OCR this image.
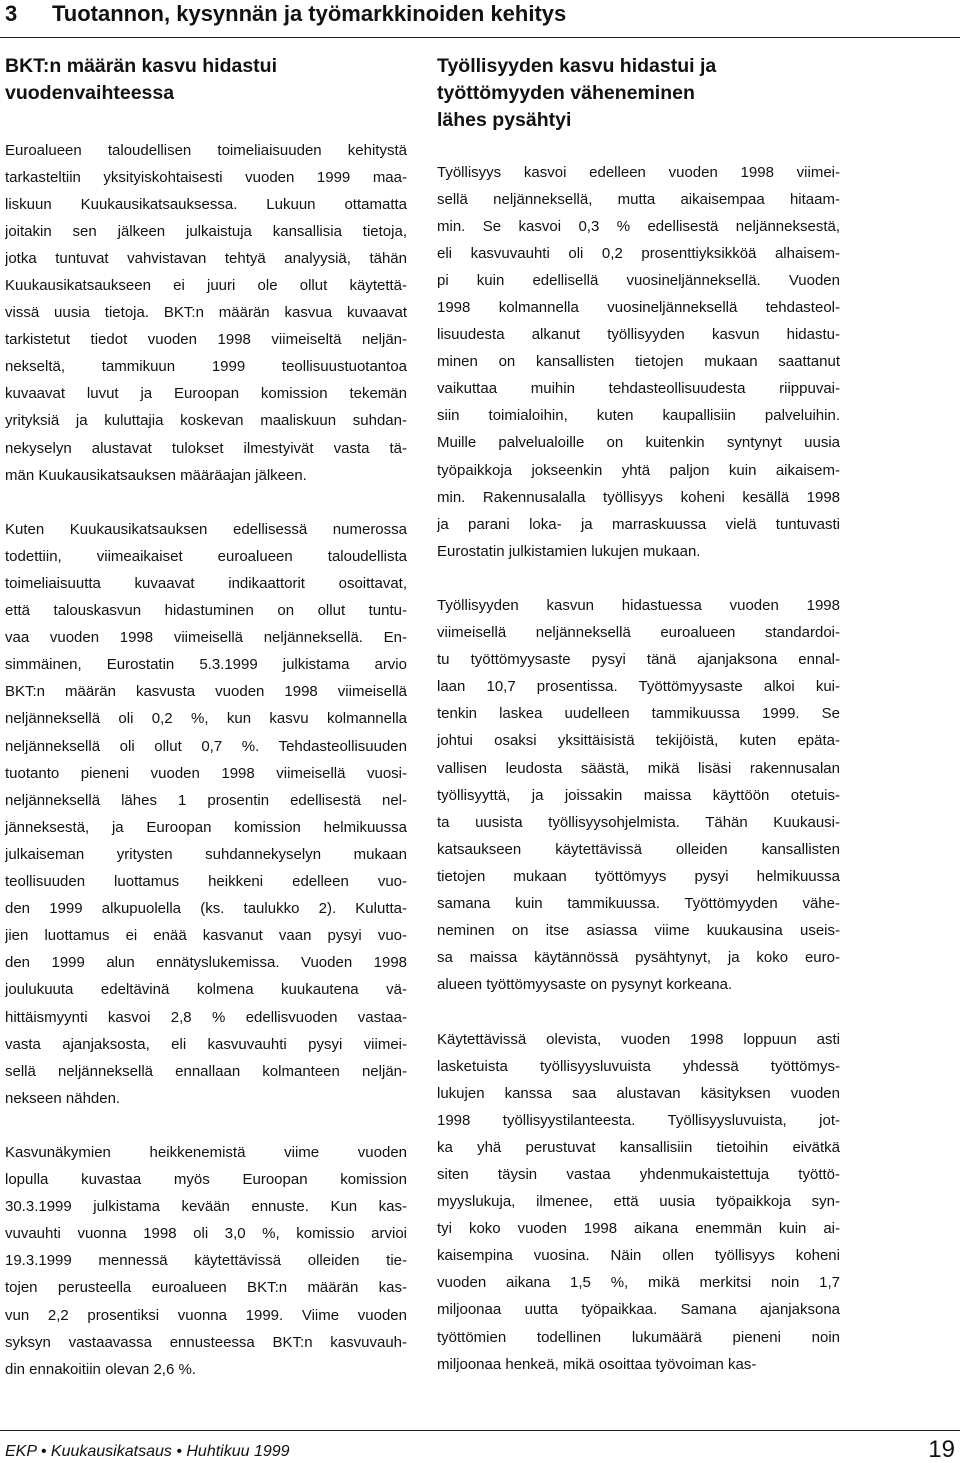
3 Tuotannon, kysynnän ja työmarkkinoiden kehitys
BKT:n määrän kasvu hidastui
vuodenvaihteessa
Euroalueen taloudellisen toimeliaisuuden kehitystä
tarkasteltiin yksityiskohtaisesti vuoden 1999 maa-
liskuun Kuukausikatsauksessa. Lukuun ottamatta
joitakin sen jälkeen julkaistuja kansallisia tietoja,
jotka tuntuvat vahvistavan tehtyä analyysiä, tähän
Kuukausikatsaukseen ei juuri ole ollut käytettä-
vissä uusia tietoja. BKT:n määrän kasvua kuvaavat
tarkistetut tiedot vuoden 1998 viimeiseltä neljän-
nekseltä, tammikuun 1999 teollisuustuotantoa
kuvaavat luvut ja Euroopan komission tekemän
yrityksiä ja kuluttajia koskevan maaliskuun suhdan-
nekyselyn alustavat tulokset ilmestyivät vasta tä-
män Kuukausikatsauksen määräajan jälkeen.
Kuten Kuukausikatsauksen edellisessä numerossa
todettiin, viimeaikaiset euroalueen taloudellista
toimeliaisuutta kuvaavat indikaattorit osoittavat,
että talouskasvun hidastuminen on ollut tuntu-
vaa vuoden 1998 viimeisellä neljänneksellä. En-
simmäinen, Eurostatin 5.3.1999 julkistama arvio
BKT:n määrän kasvusta vuoden 1998 viimeisellä
neljänneksellä oli 0,2 %, kun kasvu kolmannella
neljänneksellä oli ollut 0,7 %. Tehdasteollisuuden
tuotanto pieneni vuoden 1998 viimeisellä vuosi-
neljänneksellä lähes 1 prosentin edellisestä nel-
jänneksestä, ja Euroopan komission helmikuussa
julkaiseman yritysten suhdannekyselyn mukaan
teollisuuden luottamus heikkeni edelleen vuo-
den 1999 alkupuolella (ks. taulukko 2). Kulutta-
jien luottamus ei enää kasvanut vaan pysyi vuo-
den 1999 alun ennätyslukemissa. Vuoden 1998
joulukuuta edeltävinä kolmena kuukautena vä-
hittäismyynti kasvoi 2,8 % edellisvuoden vastaa-
vasta ajanjaksosta, eli kasvuvauhti pysyi viimei-
sellä neljänneksellä ennallaan kolmanteen neljän-
nekseen nähden.
Kasvunäkymien heikkenemistä viime vuoden
lopulla kuvastaa myös Euroopan komission
30.3.1999 julkistama kevään ennuste. Kun kas-
vuvauhti vuonna 1998 oli 3,0 %, komissio arvioi
19.3.1999 mennessä käytettävissä olleiden tie-
tojen perusteella euroalueen BKT:n määrän kas-
vun 2,2 prosentiksi vuonna 1999. Viime vuoden
syksyn vastaavassa ennusteessa BKT:n kasvuvauh-
din ennakoitiin olevan 2,6 %.
Työllisyyden kasvu hidastui ja
työttömyyden väheneminen
lähes pysähtyi
Työllisyys kasvoi edelleen vuoden 1998 viimei-
sellä neljänneksellä, mutta aikaisempaa hitaam-
min. Se kasvoi 0,3 % edellisestä neljänneksestä,
eli kasvuvauhti oli 0,2 prosenttiyksikköä alhaisem-
pi kuin edellisellä vuosineljänneksellä. Vuoden
1998 kolmannella vuosineljänneksellä tehdasteol-
lisuudesta alkanut työllisyyden kasvun hidastu-
minen on kansallisten tietojen mukaan saattanut
vaikuttaa muihin tehdasteollisuudesta riippuvai-
siin toimialoihin, kuten kaupallisiin palveluihin.
Muille palvelualoille on kuitenkin syntynyt uusia
työpaikkoja jokseenkin yhtä paljon kuin aikaisem-
min. Rakennusalalla työllisyys koheni kesällä 1998
ja parani loka- ja marraskuussa vielä tuntuvasti
Eurostatin julkistamien lukujen mukaan.
Työllisyyden kasvun hidastuessa vuoden 1998
viimeisellä neljänneksellä euroalueen standardoi-
tu työttömyysaste pysyi tänä ajanjaksona ennal-
laan 10,7 prosentissa. Työttömyysaste alkoi kui-
tenkin laskea uudelleen tammikuussa 1999. Se
johtui osaksi yksittäisistä tekijöistä, kuten epäta-
vallisen leudosta säästä, mikä lisäsi rakennusalan
työllisyyttä, ja joissakin maissa käyttöön otetuis-
ta uusista työllisyysohjelmista. Tähän Kuukausi-
katsaukseen käytettävissä olleiden kansallisten
tietojen mukaan työttömyys pysyi helmikuussa
samana kuin tammikuussa. Työttömyyden vähe-
neminen on itse asiassa viime kuukausina useis-
sa maissa käytännössä pysähtynyt, ja koko euro-
alueen työttömyysaste on pysynyt korkeana.
Käytettävissä olevista, vuoden 1998 loppuun asti
lasketuista työllisyysluvuista yhdessä työttömys-
lukujen kanssa saa alustavan käsityksen vuoden
1998 työllisyystilanteesta. Työllisyysluvuista, jot-
ka yhä perustuvat kansallisiin tietoihin eivätkä
siten täysin vastaa yhdenmukaistettuja työttö-
myyslukuja, ilmenee, että uusia työpaikkoja syn-
tyi koko vuoden 1998 aikana enemmän kuin ai-
kaisempina vuosina. Näin ollen työllisyys koheni
vuoden aikana 1,5 %, mikä merkitsi noin 1,7
miljoonaa uutta työpaikkaa. Samana ajanjaksona
työttömien todellinen lukumäärä pieneni noin
miljoonaa henkeä, mikä osoittaa työvoiman kas-
EKP • Kuukausikatsaus • Huhtikuu 1999	19
